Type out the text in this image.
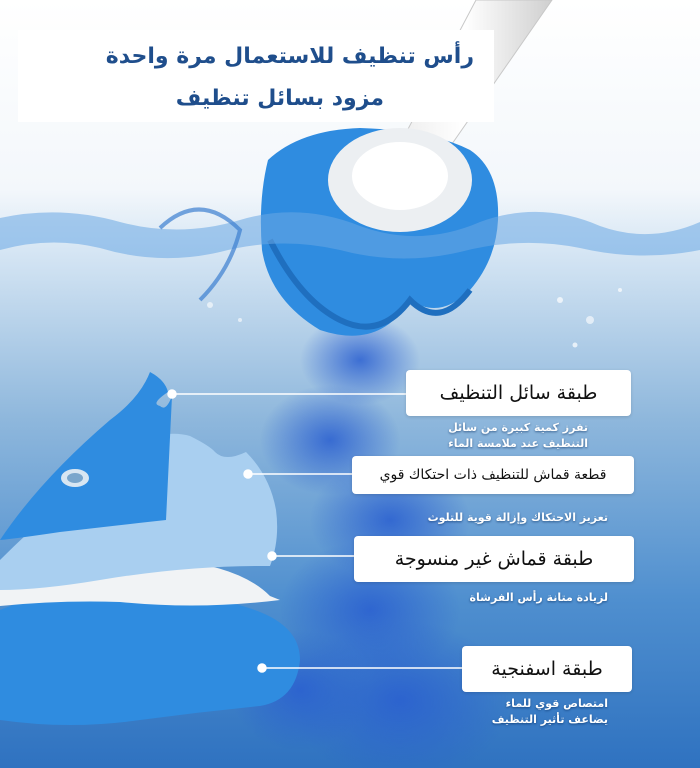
رأس تنظيف للاستعمال مرة واحدة
مزود بسائل تنظيف
طبقة سائل التنظيف
تفرز كمية كبيرة من سائل
التنظيف عند ملامسة الماء
قطعة قماش للتنظيف ذات احتكاك قوي
تعزيز الاحتكاك وإزالة قوية للتلوث
طبقة قماش غير منسوجة
لزيادة متانة رأس الفرشاة
طبقة اسفنجية
امتصاص قوي للماء
يضاعف تأثير التنظيف
